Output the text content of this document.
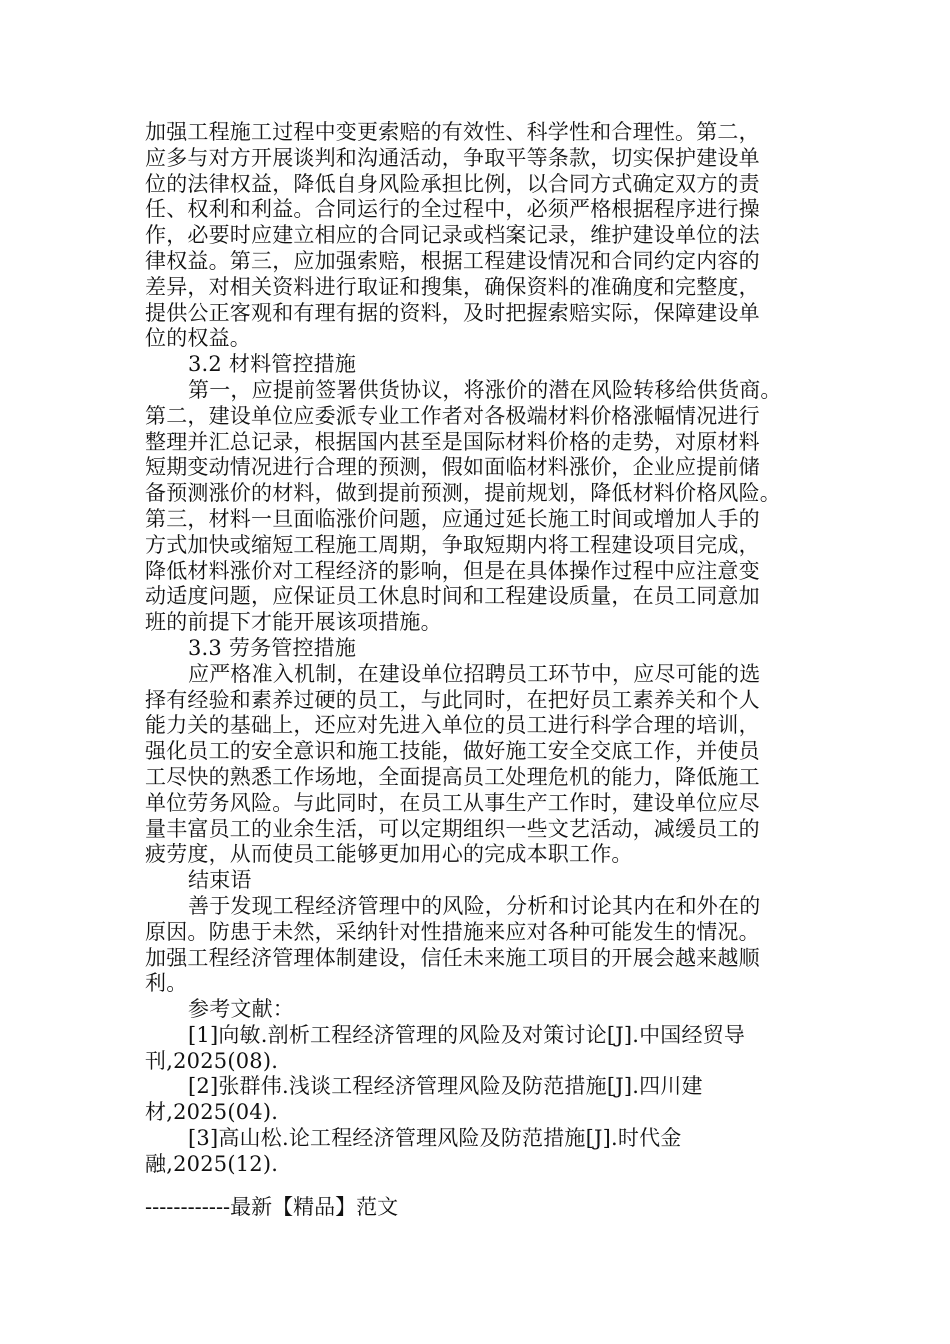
加强工程施工过程中变更索赔的有效性、科学性和合理性。第二，
应多与对方开展谈判和沟通活动，争取平等条款，切实保护建设单
位的法律权益，降低自身风险承担比例，以合同方式确定双方的责
任、权利和利益。合同运行的全过程中，必须严格根据程序进行操
作，必要时应建立相应的合同记录或档案记录，维护建设单位的法
律权益。第三，应加强索赔，根据工程建设情况和合同约定内容的
差异，对相关资料进行取证和搜集，确保资料的准确度和完整度，
提供公正客观和有理有据的资料，及时把握索赔实际，保障建设单
位的权益。
3.2 材料管控措施
第一，应提前签署供货协议，将涨价的潜在风险转移给供货商。
第二，建设单位应委派专业工作者对各极端材料价格涨幅情况进行
整理并汇总记录，根据国内甚至是国际材料价格的走势，对原材料
短期变动情况进行合理的预测，假如面临材料涨价，企业应提前储
备预测涨价的材料，做到提前预测，提前规划，降低材料价格风险。
第三，材料一旦面临涨价问题，应通过延长施工时间或增加人手的
方式加快或缩短工程施工周期，争取短期内将工程建设项目完成，
降低材料涨价对工程经济的影响，但是在具体操作过程中应注意变
动适度问题，应保证员工休息时间和工程建设质量，在员工同意加
班的前提下才能开展该项措施。
3.3 劳务管控措施
应严格准入机制，在建设单位招聘员工环节中，应尽可能的选
择有经验和素养过硬的员工，与此同时，在把好员工素养关和个人
能力关的基础上，还应对先进入单位的员工进行科学合理的培训，
强化员工的安全意识和施工技能，做好施工安全交底工作，并使员
工尽快的熟悉工作场地，全面提高员工处理危机的能力，降低施工
单位劳务风险。与此同时，在员工从事生产工作时，建设单位应尽
量丰富员工的业余生活，可以定期组织一些文艺活动，减缓员工的
疲劳度，从而使员工能够更加用心的完成本职工作。
结束语
善于发现工程经济管理中的风险，分析和讨论其内在和外在的
原因。防患于未然，采纳针对性措施来应对各种可能发生的情况。
加强工程经济管理体制建设，信任未来施工项目的开展会越来越顺
利。
参考文献：
[1]向敏.剖析工程经济管理的风险及对策讨论[J].中国经贸导
刊,2025(08).
[2]张群伟.浅谈工程经济管理风险及防范措施[J].四川建
材,2025(04).
[3]高山松.论工程经济管理风险及防范措施[J].时代金
融,2025(12).
------------最新【精品】范文
